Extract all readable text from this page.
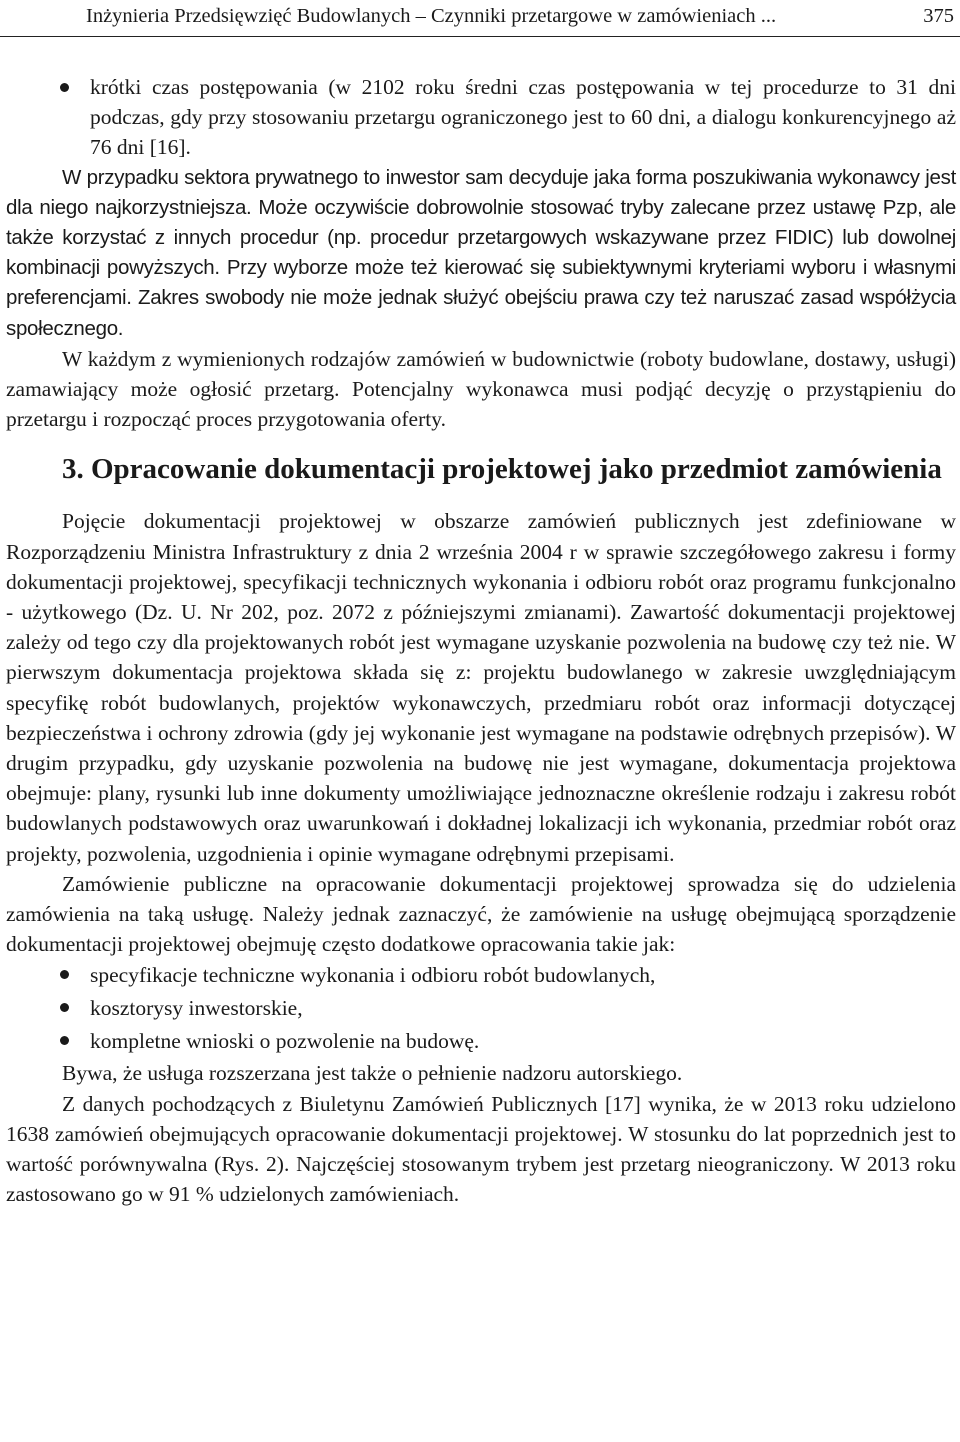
Inżynieria Przedsięwzięć Budowlanych – Czynniki przetargowe w zamówieniach ...	375
krótki czas postępowania (w 2102 roku średni czas postępowania w tej procedurze to 31 dni podczas, gdy przy stosowaniu przetargu ograniczonego jest to 60 dni, a dialogu konkurencyjnego aż 76 dni [16].

W przypadku sektora prywatnego to inwestor sam decyduje jaka forma poszukiwania wykonawcy jest dla niego najkorzystniejsza. Może oczywiście dobrowolnie stosować tryby zalecane przez ustawę Pzp, ale także korzystać z innych procedur (np. procedur przetargowych wskazywane przez FIDIC) lub dowolnej kombinacji powyższych. Przy wyborze może też kierować się subiektywnymi kryteriami wyboru i własnymi preferencjami. Zakres swobody nie może jednak służyć obejściu prawa czy też naruszać zasad współżycia społecznego.

W każdym z wymienionych rodzajów zamówień w budownictwie (roboty budowlane, dostawy, usługi) zamawiający może ogłosić przetarg. Potencjalny wykonawca musi podjąć decyzję o przystąpieniu do przetargu i rozpocząć proces przygotowania oferty.

3. Opracowanie dokumentacji projektowej jako przedmiot zamówienia

Pojęcie dokumentacji projektowej w obszarze zamówień publicznych jest zdefiniowane w Rozporządzeniu Ministra Infrastruktury z dnia 2 września 2004 r w sprawie szczegółowego zakresu i formy dokumentacji projektowej, specyfikacji technicznych wykonania i odbioru robót oraz programu funkcjonalno - użytkowego (Dz. U. Nr 202, poz. 2072 z późniejszymi zmianami). Zawartość dokumentacji projektowej zależy od tego czy dla projektowanych robót jest wymagane uzyskanie pozwolenia na budowę czy też nie. W pierwszym dokumentacja projektowa składa się z: projektu budowlanego w zakresie uwzględniającym specyfikę robót budowlanych, projektów wykonawczych, przedmiaru robót oraz informacji dotyczącej bezpieczeństwa i ochrony zdrowia (gdy jej wykonanie jest wymagane na podstawie odrębnych przepisów). W drugim przypadku, gdy uzyskanie pozwolenia na budowę nie jest wymagane, dokumentacja projektowa obejmuje: plany, rysunki lub inne dokumenty umożliwiające jednoznaczne określenie rodzaju i zakresu robót budowlanych podstawowych oraz uwarunkowań i dokładnej lokalizacji ich wykonania, przedmiar robót oraz projekty, pozwolenia, uzgodnienia i opinie wymagane odrębnymi przepisami.

Zamówienie publiczne na opracowanie dokumentacji projektowej sprowadza się do udzielenia zamówienia na taką usługę. Należy jednak zaznaczyć, że zamówienie na usługę obejmującą sporządzenie dokumentacji projektowej obejmuję często dodatkowe opracowania takie jak:

specyfikacje techniczne wykonania i odbioru robót budowlanych,
kosztorysy inwestorskie,
kompletne wnioski o pozwolenie na budowę.

Bywa, że usługa rozszerzana jest także o pełnienie nadzoru autorskiego.

Z danych pochodzących z Biuletynu Zamówień Publicznych [17] wynika, że w 2013 roku udzielono 1638 zamówień obejmujących opracowanie dokumentacji projektowej. W stosunku do lat poprzednich jest to wartość porównywalna (Rys. 2). Najczęściej stosowanym trybem jest przetarg nieograniczony. W 2013 roku zastosowano go w 91 % udzielonych zamówieniach.
